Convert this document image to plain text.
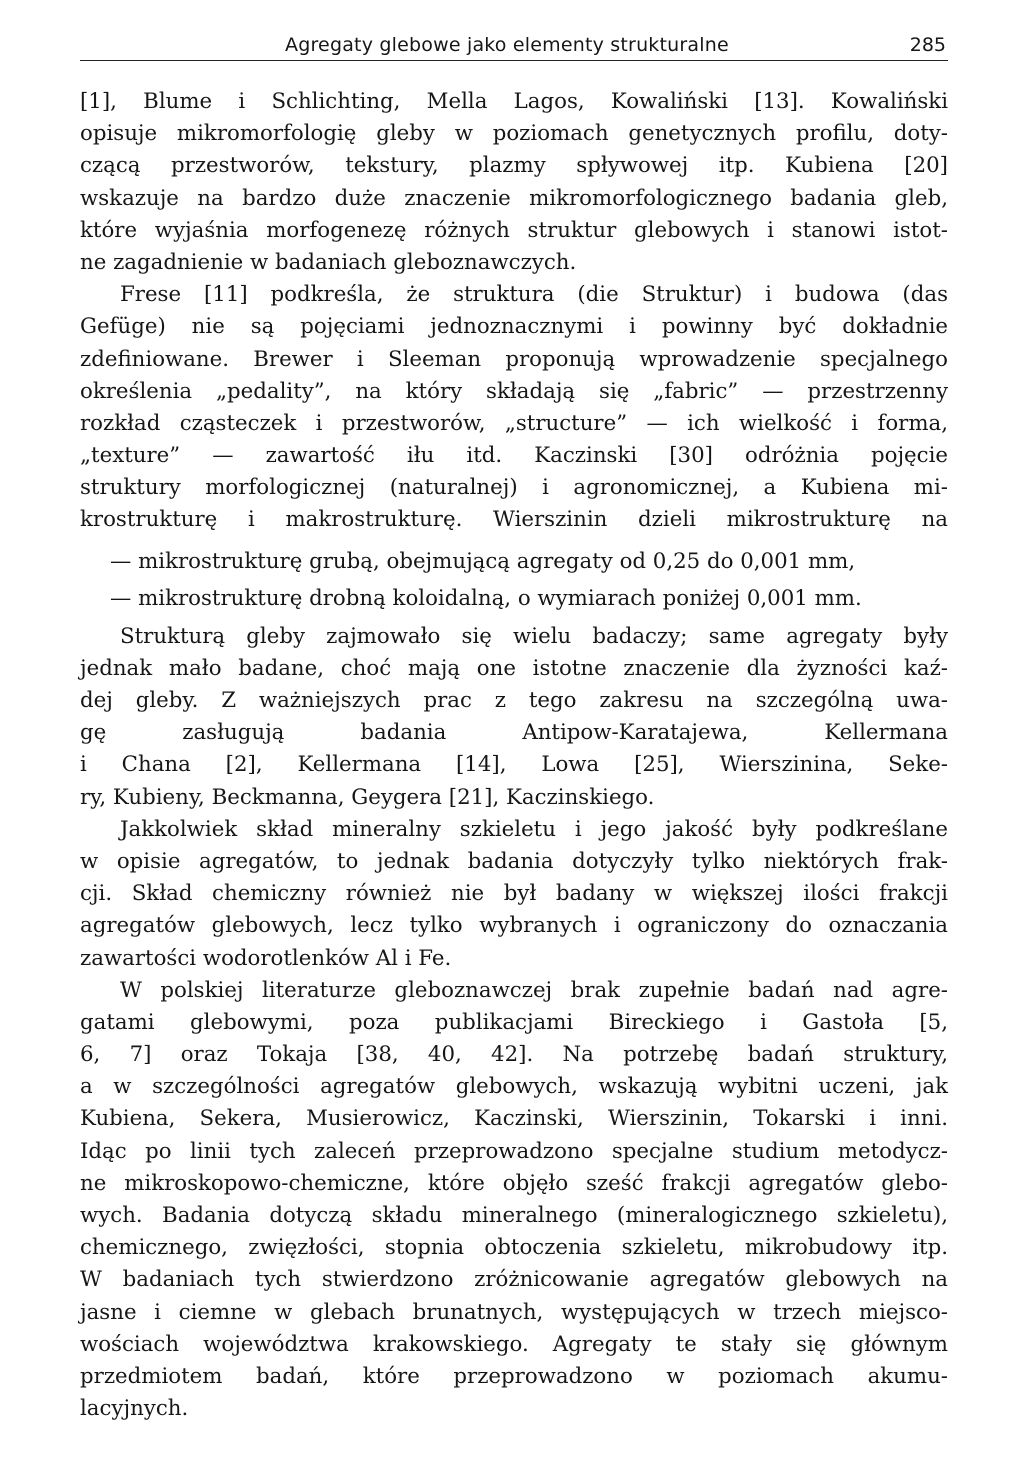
Agregaty glebowe jako elementy strukturalne	285
[1], Blume i Schlichting, Mella Lagos, Kowaliński [13]. Kowaliński
opisuje mikromorfologię gleby w poziomach genetycznych profilu, doty-
czącą przestworów, tekstury, plazmy spływowej itp. Kubiena [20]
wskazuje na bardzo duże znaczenie mikromorfologicznego badania gleb,
które wyjaśnia morfogenezę różnych struktur glebowych i stanowi istot-
ne zagadnienie w badaniach gleboznawczych.
Frese [11] podkreśla, że struktura (die Struktur) i budowa (das
Gefüge) nie są pojęciami jednoznacznymi i powinny być dokładnie
zdefiniowane. Brewer i Sleeman proponują wprowadzenie specjalnego
określenia „pedality”, na który składają się „fabric” — przestrzenny
rozkład cząsteczek i przestworów, „structure” — ich wielkość i forma,
„texture” — zawartość iłu itd. Kaczinski [30] odróżnia pojęcie
struktury morfologicznej (naturalnej) i agronomicznej, a Kubiena mi-
krostrukturę i makrostrukturę. Wierszinin dzieli mikrostrukturę na
— mikrostrukturę grubą, obejmującą agregaty od 0,25 do 0,001 mm,
— mikrostrukturę drobną koloidalną, o wymiarach poniżej 0,001 mm.
Strukturą gleby zajmowało się wielu badaczy; same agregaty były
jednak mało badane, choć mają one istotne znaczenie dla żyzności kaź-
dej gleby. Z ważniejszych prac z tego zakresu na szczególną uwa-
gę zasługują badania Antipow-Karatajewa, Kellermana
i Chana [2], Kellermana [14], Lowa [25], Wierszinina, Seke-
ry, Kubieny, Beckmanna, Geygera [21], Kaczinskiego.
Jakkolwiek skład mineralny szkieletu i jego jakość były podkreślane
w opisie agregatów, to jednak badania dotyczyły tylko niektórych frak-
cji. Skład chemiczny również nie był badany w większej ilości frakcji
agregatów glebowych, lecz tylko wybranych i ograniczony do oznaczania
zawartości wodorotlenków Al i Fe.
W polskiej literaturze gleboznawczej brak zupełnie badań nad agre-
gatami glebowymi, poza publikacjami Bireckiego i Gastoła [5,
6, 7] oraz Tokaja [38, 40, 42]. Na potrzebę badań struktury,
a w szczególności agregatów glebowych, wskazują wybitni uczeni, jak
Kubiena, Sekera, Musierowicz, Kaczinski, Wierszinin, Tokarski i inni.
Idąc po linii tych zaleceń przeprowadzono specjalne studium metodycz-
ne mikroskopowo-chemiczne, które objęło sześć frakcji agregatów glebo-
wych. Badania dotyczą składu mineralnego (mineralogicznego szkieletu),
chemicznego, zwięzłości, stopnia obtoczenia szkieletu, mikrobudowy itp.
W badaniach tych stwierdzono zróżnicowanie agregatów glebowych na
jasne i ciemne w glebach brunatnych, występujących w trzech miejsco-
wościach województwa krakowskiego. Agregaty te stały się głównym
przedmiotem badań, które przeprowadzono w poziomach akumu-
lacyjnych.
